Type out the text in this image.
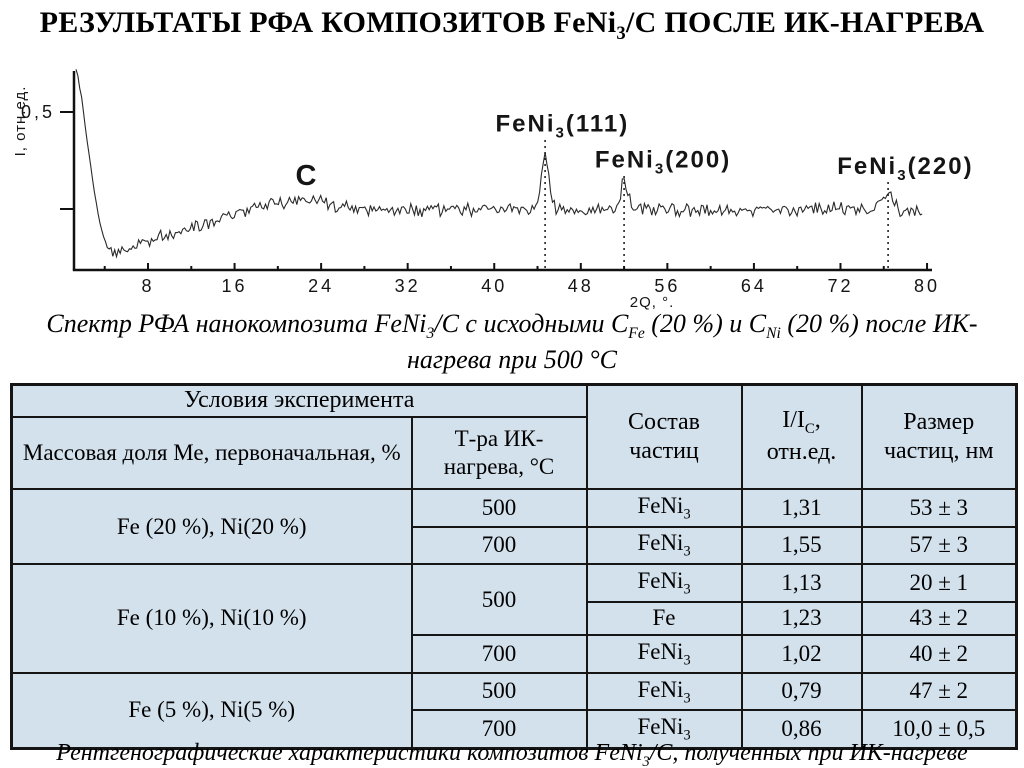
РЕЗУЛЬТАТЫ РФА КОМПОЗИТОВ FeNi$_3$/C ПОСЛЕ ИК-НАГРЕВА
FeNi$_3$(111)
FeNi$_3$(200)	FeNi$_3$(220)
C
8	16	24	32	40	48	56	64	72	80
0,5
2Q, °.
I, отн.ед.

Спектр РФА нанокомпозита FeNi$_3$/C с исходными $С_{Fe}$ (20 %) и $С_{Ni}$ (20 %) после ИК-нагрева при 500 °С

Условия эксперимента		Состав частиц	$I/I_C$, отн.ед.	Размер частиц, нм
Массовая доля Ме, первоначальная, %	Т-ра ИК-нагрева, °С			
Fe (20 %), Ni(20 %)	500	FeNi$_3$	1,31	53 ± 3
	700	FeNi$_3$	1,55	57 ± 3
Fe (10 %), Ni(10 %)	500	FeNi$_3$	1,13	20 ± 1
		Fe	1,23	43 ± 2
	700	FeNi$_3$	1,02	40 ± 2
Fe (5 %), Ni(5 %)	500	FeNi$_3$	0,79	47 ± 2
	700	FeNi$_3$	0,86	10,0 ± 0,5

Рентгенографические характеристики композитов FeNi$_3$/C, полученных при ИК-нагреве
